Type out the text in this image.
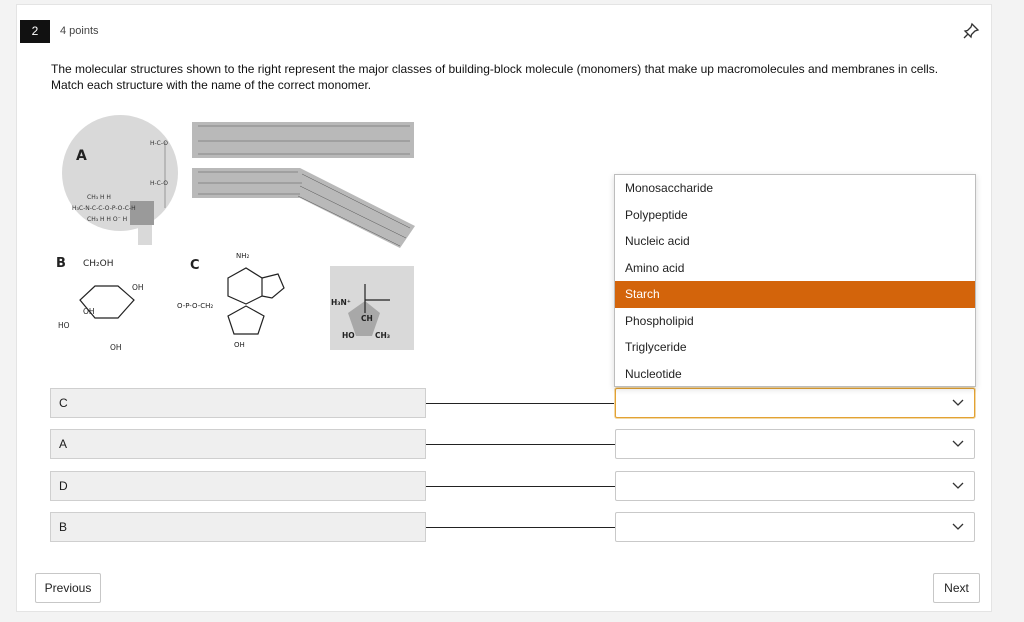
2	4 points
The molecular structures shown to the right represent the major classes of building-block molecule (monomers) that make up macromolecules and membranes in cells.
Match each structure with the name of the correct monomer.
H-C-O
H-C-O
H₃C-N-C-C-O-P-O-C-H
CH₃ H H
CH₃ H H O⁻ H
A
B CH₂OH
HO
OH
OH
OH
C
NH₂
O-P-O-CH₂
OH
H₃N⁺
CH
HO	CH₃
C
A
D
B
Monosaccharide
Polypeptide
Nucleic acid
Amino acid
Starch
Phospholipid
Triglyceride
Nucleotide
Previous	Next
